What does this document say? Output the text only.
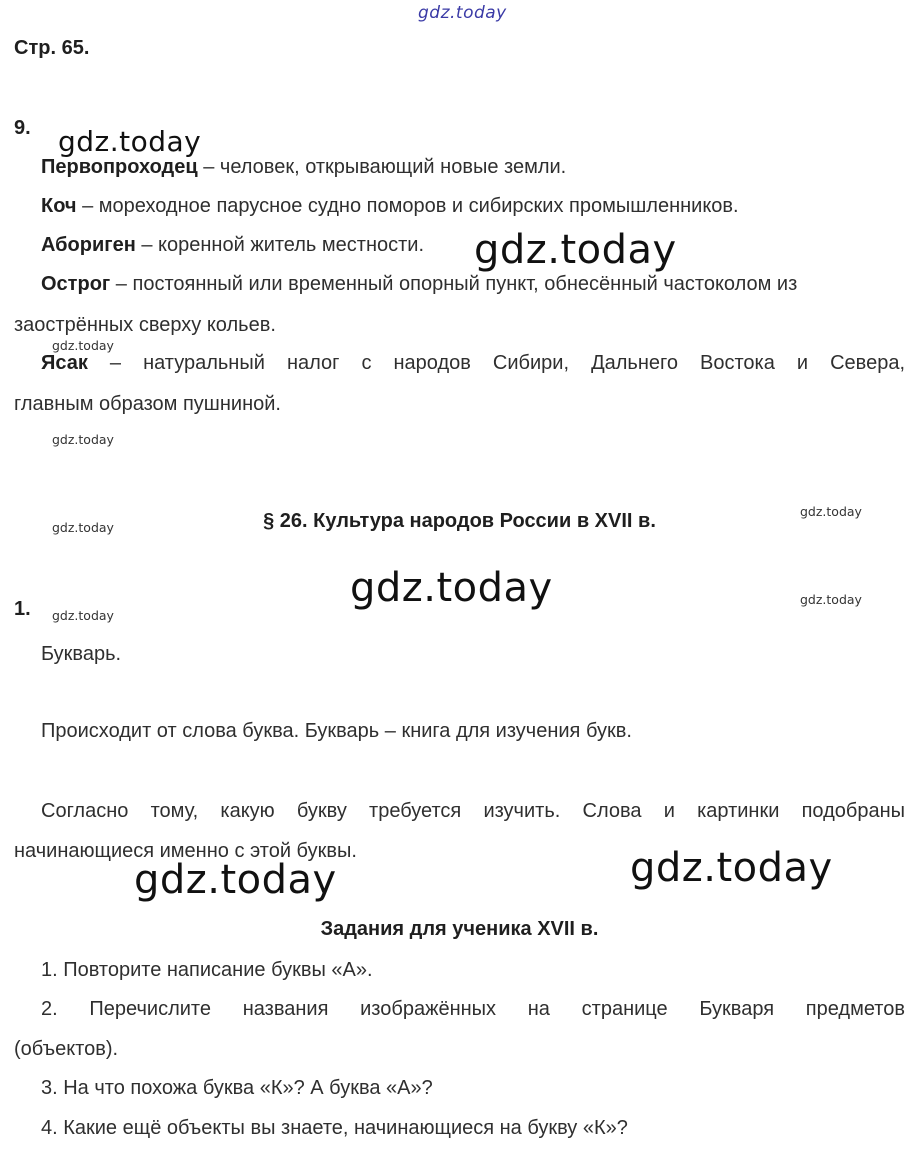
gdz.today
Стр. 65.
9. gdz.today
Первопроходец – человек, открывающий новые земли.
Коч – мореходное парусное судно поморов и сибирских промышленников.
Абориген – коренной житель местности. gdz.today
Острог – постоянный или временный опорный пункт, обнесённый частоколом из
заострённых сверху кольев.
gdz.today
Ясак – натуральный налог с народов Сибири, Дальнего Востока и Севера,
главным образом пушниной.
gdz.today
gdz.today
gdz.today	§ 26. Культура народов России в XVII в.
gdz.today
1. gdz.today
gdz.today
Букварь.
Происходит от слова буква. Букварь – книга для изучения букв.
Согласно тому, какую букву требуется изучить. Слова и картинки подобраны
начинающиеся именно с этой буквы.	gdz.today
gdz.today
Задания для ученика XVII в.
1. Повторите написание буквы «А».
2. Перечислите названия изображённых на странице Букваря предметов
(объектов).
3. На что похожа буква «К»? А буква «А»?
4. Какие ещё объекты вы знаете, начинающиеся на букву «К»?
